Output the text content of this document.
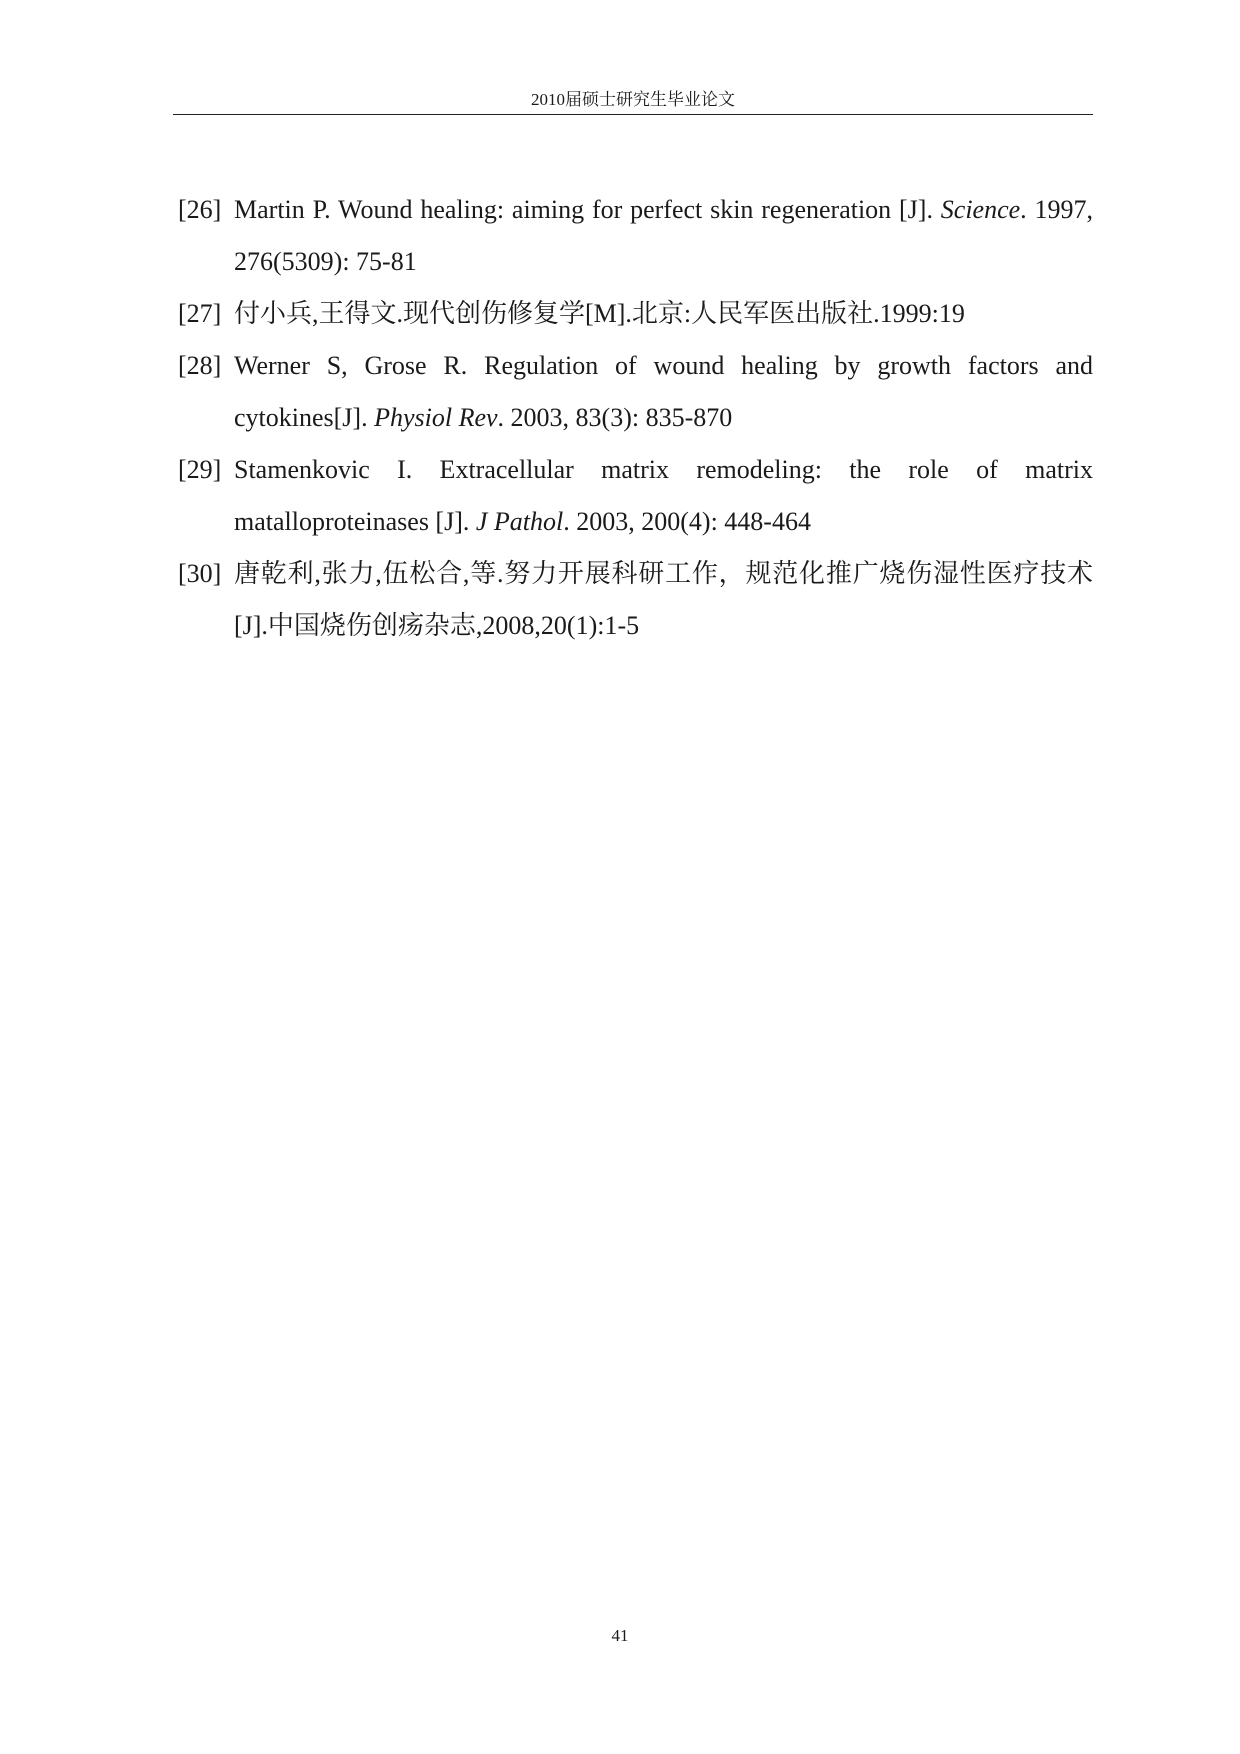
2010届硕士研究生毕业论文
[26] Martin P. Wound healing: aiming for perfect skin regeneration [J]. Science. 1997, 276(5309): 75-81
[27] 付小兵,王得文.现代创伤修复学[M].北京:人民军医出版社.1999:19
[28] Werner S, Grose R. Regulation of wound healing by growth factors and cytokines[J]. Physiol Rev. 2003, 83(3): 835-870
[29] Stamenkovic I. Extracellular matrix remodeling: the role of matrix matalloproteinases [J]. J Pathol. 2003, 200(4): 448-464
[30] 唐乾利,张力,伍松合,等.努力开展科研工作，规范化推广烧伤湿性医疗技术[J].中国烧伤创疡杂志,2008,20(1):1-5
41
